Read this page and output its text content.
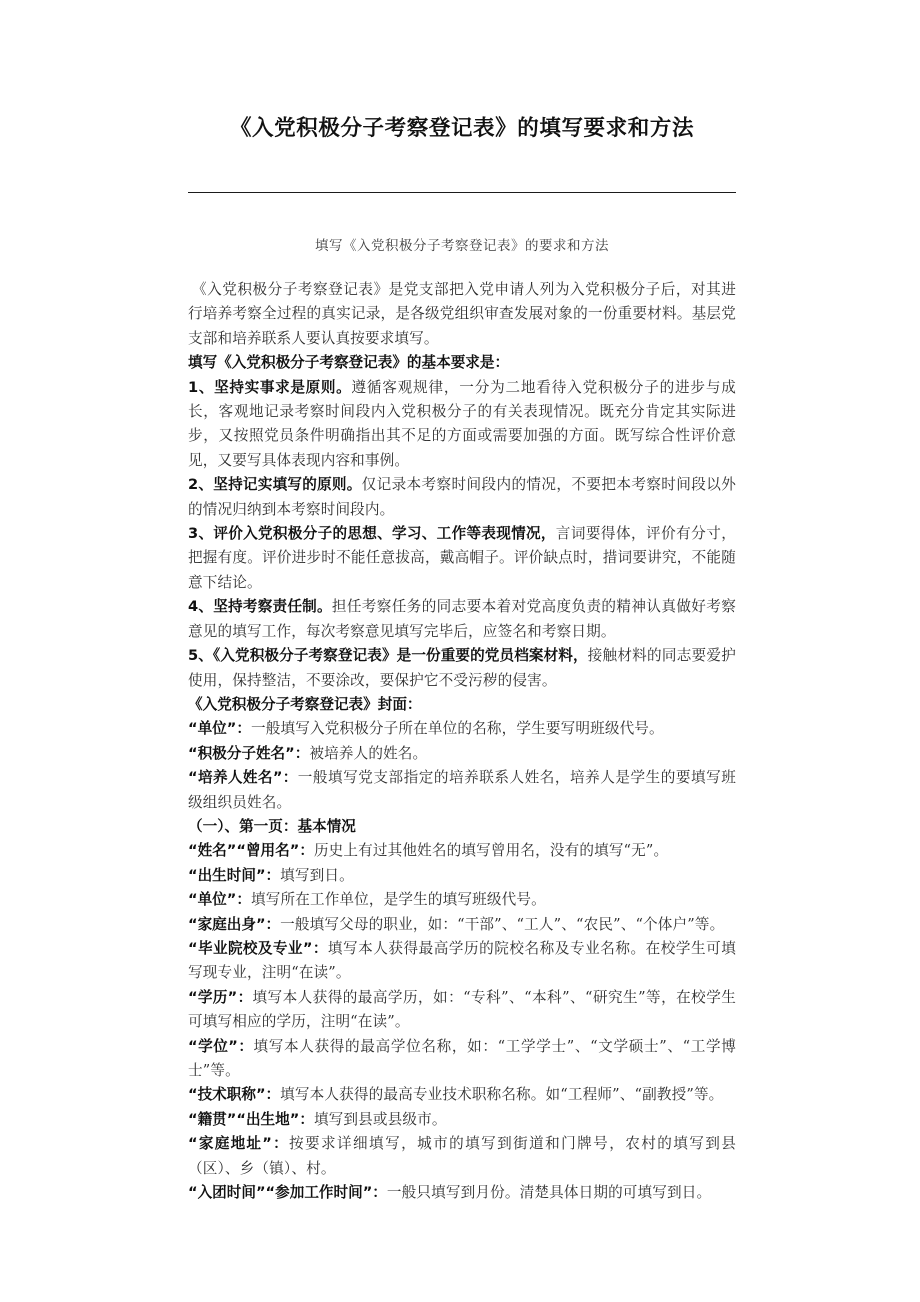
《入党积极分子考察登记表》的填写要求和方法

填写《入党积极分子考察登记表》的要求和方法

《入党积极分子考察登记表》是党支部把入党申请人列为入党积极分子后，对其进行培养考察全过程的真实记录，是各级党组织审查发展对象的一份重要材料。基层党支部和培养联系人要认真按要求填写。

填写《入党积极分子考察登记表》的基本要求是：

1、坚持实事求是原则。遵循客观规律，一分为二地看待入党积极分子的进步与成长，客观地记录考察时间段内入党积极分子的有关表现情况。既充分肯定其实际进步，又按照党员条件明确指出其不足的方面或需要加强的方面。既写综合性评价意见，又要写具体表现内容和事例。

2、坚持记实填写的原则。仅记录本考察时间段内的情况，不要把本考察时间段以外的情况归纳到本考察时间段内。

3、评价入党积极分子的思想、学习、工作等表现情况，言词要得体，评价有分寸，把握有度。评价进步时不能任意拔高，戴高帽子。评价缺点时，措词要讲究，不能随意下结论。

4、坚持考察责任制。担任考察任务的同志要本着对党高度负责的精神认真做好考察意见的填写工作，每次考察意见填写完毕后，应签名和考察日期。

5、《入党积极分子考察登记表》是一份重要的党员档案材料，接触材料的同志要爱护使用，保持整洁，不要涂改，要保护它不受污秽的侵害。

《入党积极分子考察登记表》封面：

“单位”：一般填写入党积极分子所在单位的名称，学生要写明班级代号。

“积极分子姓名”：被培养人的姓名。

“培养人姓名”：一般填写党支部指定的培养联系人姓名，培养人是学生的要填写班级组织员姓名。

（一）、第一页：基本情况

“姓名”“曾用名”：历史上有过其他姓名的填写曾用名，没有的填写“无”。

“出生时间”：填写到日。

“单位”：填写所在工作单位，是学生的填写班级代号。

“家庭出身”：一般填写父母的职业，如：“干部”、“工人”、“农民”、“个体户”等。

“毕业院校及专业”：填写本人获得最高学历的院校名称及专业名称。在校学生可填写现专业，注明“在读”。

“学历”：填写本人获得的最高学历，如：“专科”、“本科”、“研究生”等，在校学生可填写相应的学历，注明“在读”。

“学位”：填写本人获得的最高学位名称，如：“工学学士”、“文学硕士”、“工学博士”等。

“技术职称”：填写本人获得的最高专业技术职称名称。如“工程师”、“副教授”等。

“籍贯”“出生地”：填写到县或县级市。

“家庭地址”：按要求详细填写，城市的填写到街道和门牌号，农村的填写到县（区）、乡（镇）、村。

“入团时间”“参加工作时间”：一般只填写到月份。清楚具体日期的可填写到日。
